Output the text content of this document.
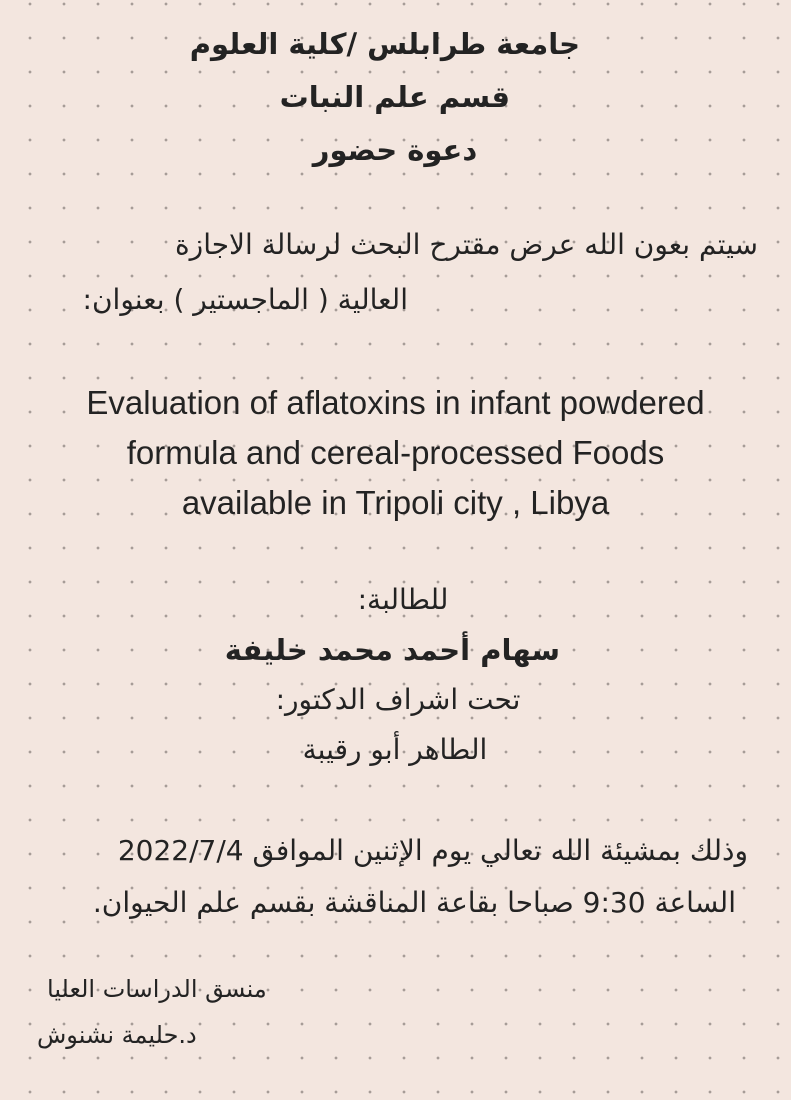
جامعة طرابلس /كلية العلوم

قسم علم النبات

دعوة حضور

سيتم بعون الله عرض مقترح البحث لرسالة الاجازة

العالية ( الماجستير ) بعنوان:

Evaluation of aflatoxins in infant powdered

formula and cereal-processed Foods

available in Tripoli city , Libya

للطالبة:

سهام أحمد محمد خليفة

تحت اشراف الدكتور:

الطاهر أبو رقيبة

وذلك بمشيئة الله تعالي يوم الإثنين الموافق 2022/7/4

الساعة 9:30 صباحا بقاعة المناقشة بقسم علم الحيوان.

منسق الدراسات العليا

د.حليمة نشنوش
